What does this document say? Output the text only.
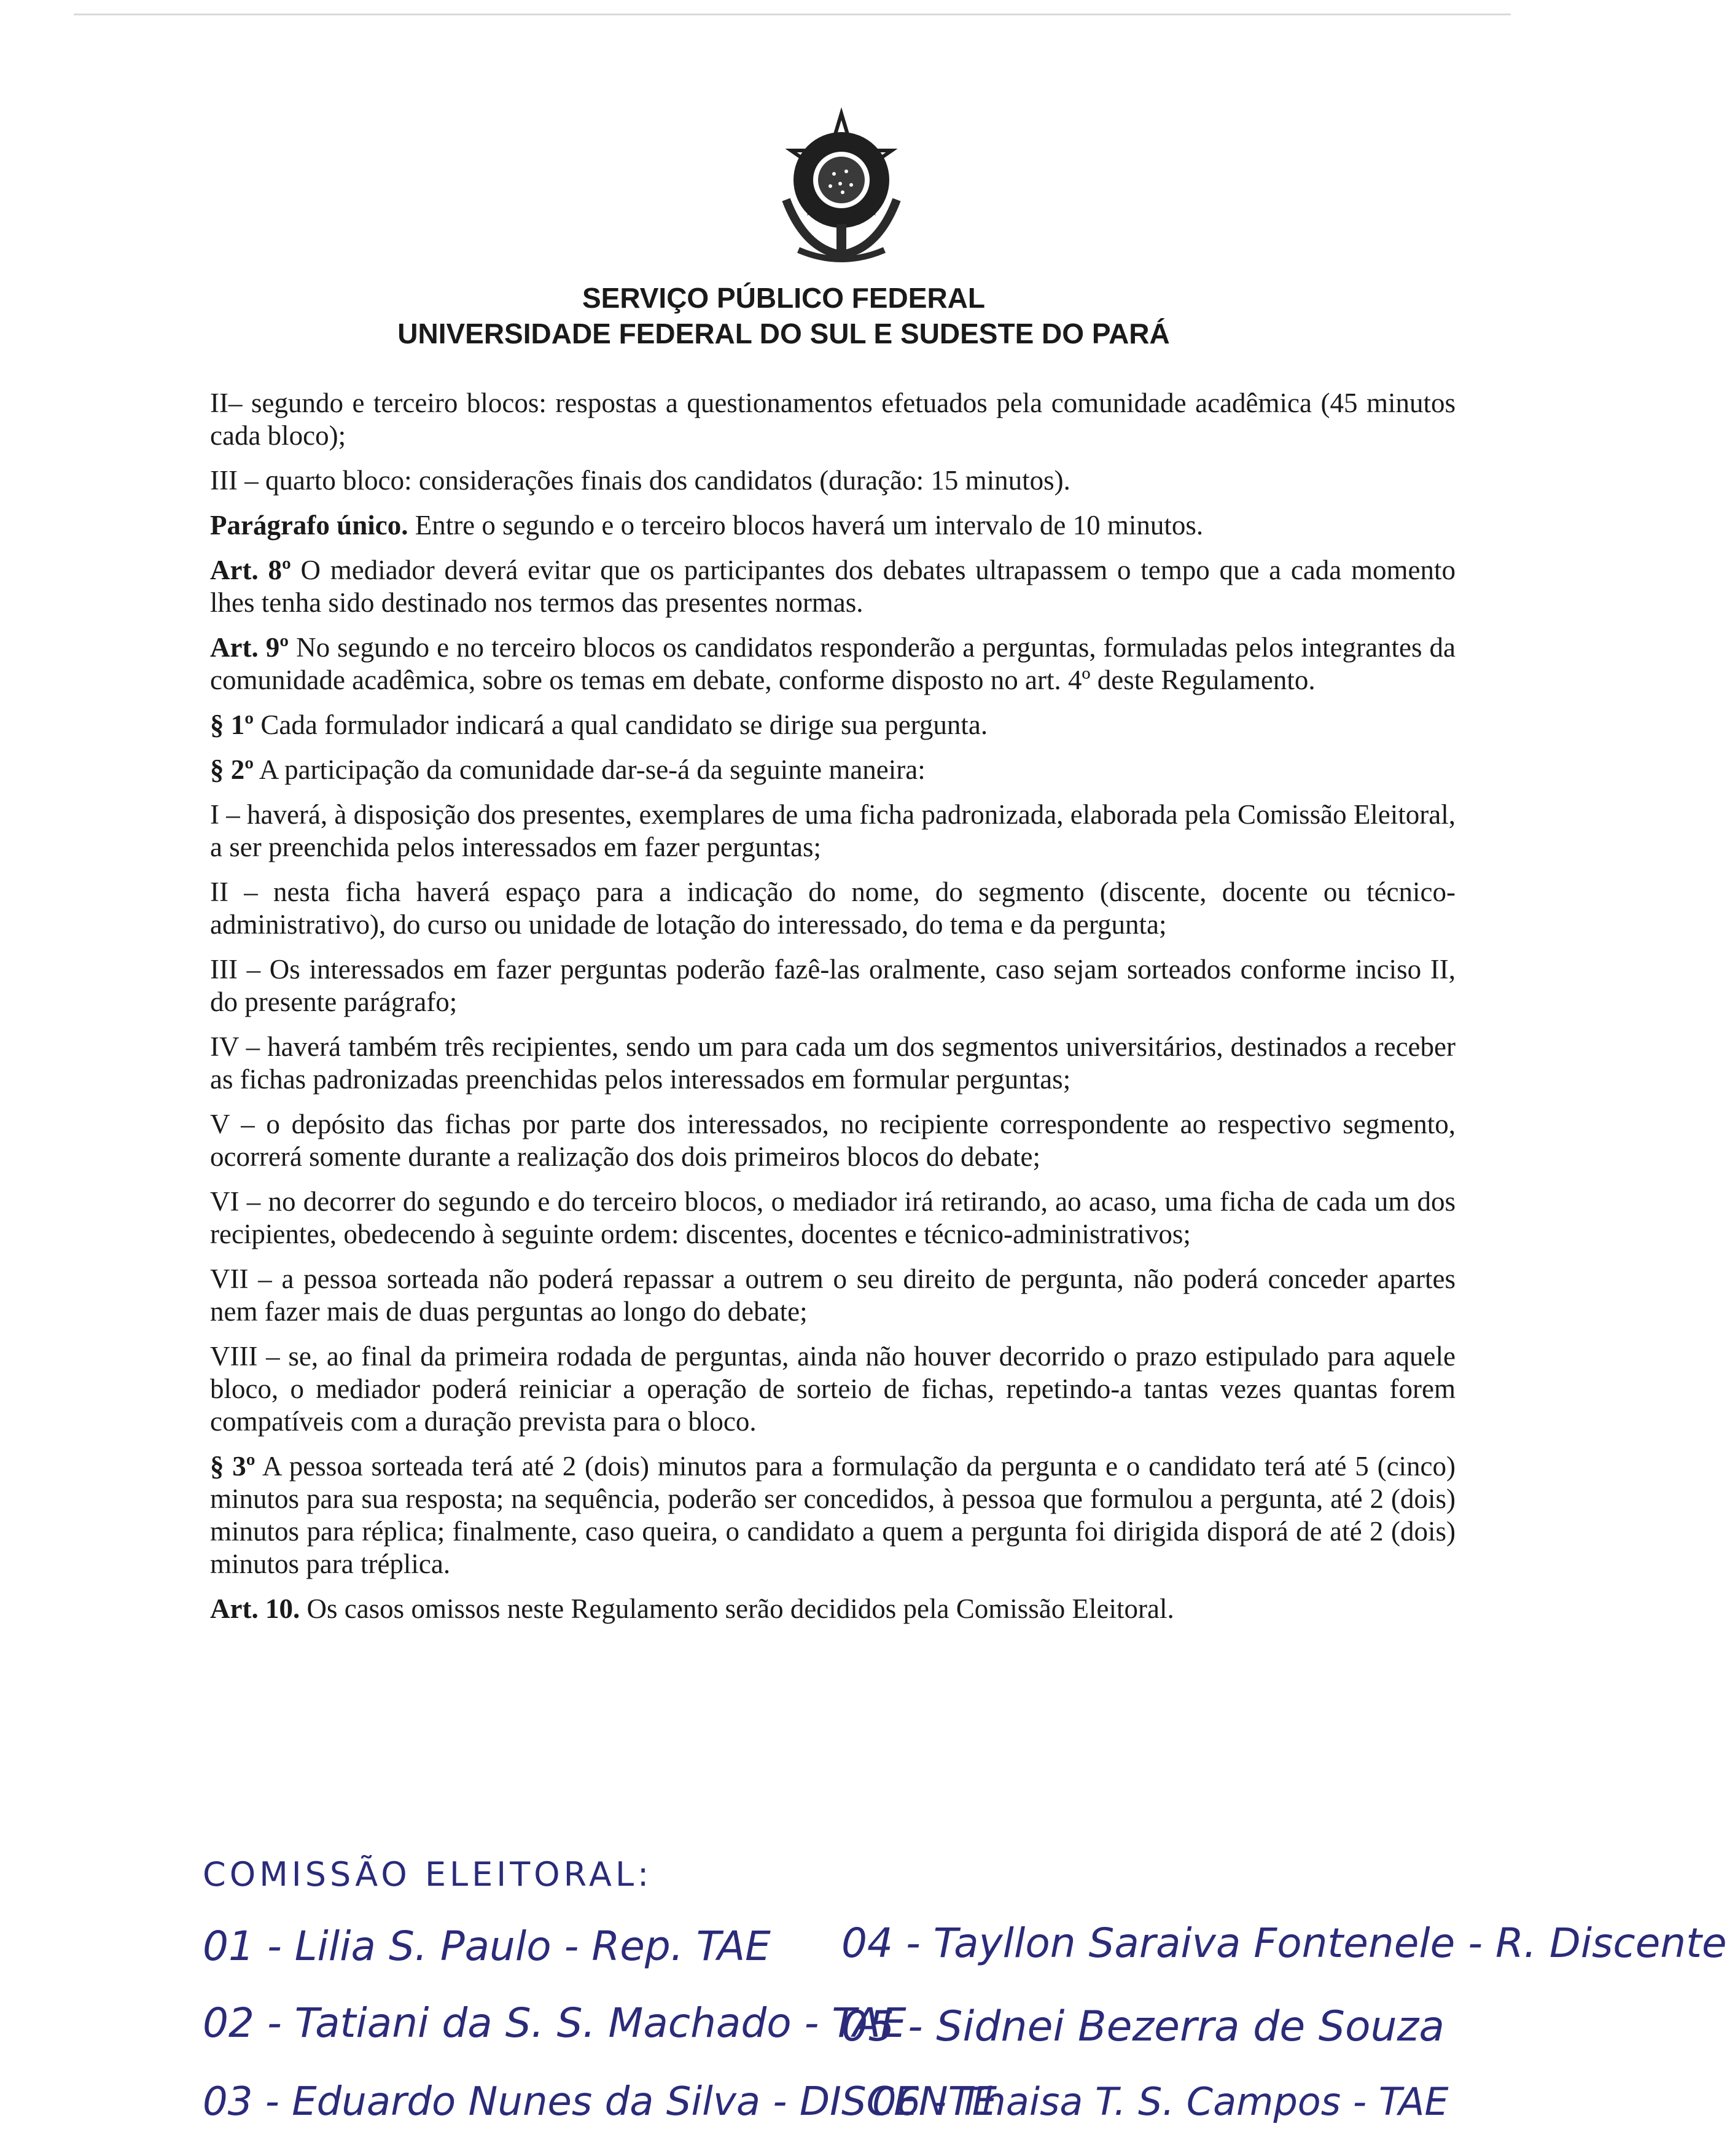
SERVIÇO PÚBLICO FEDERAL
UNIVERSIDADE FEDERAL DO SUL E SUDESTE DO PARÁ

II– segundo e terceiro blocos: respostas a questionamentos efetuados pela comunidade acadêmica (45 minutos cada bloco);

III – quarto bloco: considerações finais dos candidatos (duração: 15 minutos).

Parágrafo único. Entre o segundo e o terceiro blocos haverá um intervalo de 10 minutos.

Art. 8º O mediador deverá evitar que os participantes dos debates ultrapassem o tempo que a cada momento lhes tenha sido destinado nos termos das presentes normas.

Art. 9º No segundo e no terceiro blocos os candidatos responderão a perguntas, formuladas pelos integrantes da comunidade acadêmica, sobre os temas em debate, conforme disposto no art. 4º deste Regulamento.

§ 1º Cada formulador indicará a qual candidato se dirige sua pergunta.

§ 2º A participação da comunidade dar-se-á da seguinte maneira:

I – haverá, à disposição dos presentes, exemplares de uma ficha padronizada, elaborada pela Comissão Eleitoral, a ser preenchida pelos interessados em fazer perguntas;

II – nesta ficha haverá espaço para a indicação do nome, do segmento (discente, docente ou técnico-administrativo), do curso ou unidade de lotação do interessado, do tema e da pergunta;

III – Os interessados em fazer perguntas poderão fazê-las oralmente, caso sejam sorteados conforme inciso II, do presente parágrafo;

IV – haverá também três recipientes, sendo um para cada um dos segmentos universitários, destinados a receber as fichas padronizadas preenchidas pelos interessados em formular perguntas;

V – o depósito das fichas por parte dos interessados, no recipiente correspondente ao respectivo segmento, ocorrerá somente durante a realização dos dois primeiros blocos do debate;

VI – no decorrer do segundo e do terceiro blocos, o mediador irá retirando, ao acaso, uma ficha de cada um dos recipientes, obedecendo à seguinte ordem: discentes, docentes e técnico-administrativos;

VII – a pessoa sorteada não poderá repassar a outrem o seu direito de pergunta, não poderá conceder apartes nem fazer mais de duas perguntas ao longo do debate;

VIII – se, ao final da primeira rodada de perguntas, ainda não houver decorrido o prazo estipulado para aquele bloco, o mediador poderá reiniciar a operação de sorteio de fichas, repetindo-a tantas vezes quantas forem compatíveis com a duração prevista para o bloco.

§ 3º A pessoa sorteada terá até 2 (dois) minutos para a formulação da pergunta e o candidato terá até 5 (cinco) minutos para sua resposta; na sequência, poderão ser concedidos, à pessoa que formulou a pergunta, até 2 (dois) minutos para réplica; finalmente, caso queira, o candidato a quem a pergunta foi dirigida disporá de até 2 (dois) minutos para tréplica.

Art. 10. Os casos omissos neste Regulamento serão decididos pela Comissão Eleitoral.

COMISSÃO ELEITORAL:
01 - Lilia S. Paulo - Rep. TAE
02 - Tatiani da S. S. Machado - TAE
03 - Eduardo Nunes da Silva - DISCENTE
04 - Tayllon Saraiva Fontenele - R. Discente
05 - Sidnei Bezerra de Souza
06 - Thaisa T. S. Campos - TAE
